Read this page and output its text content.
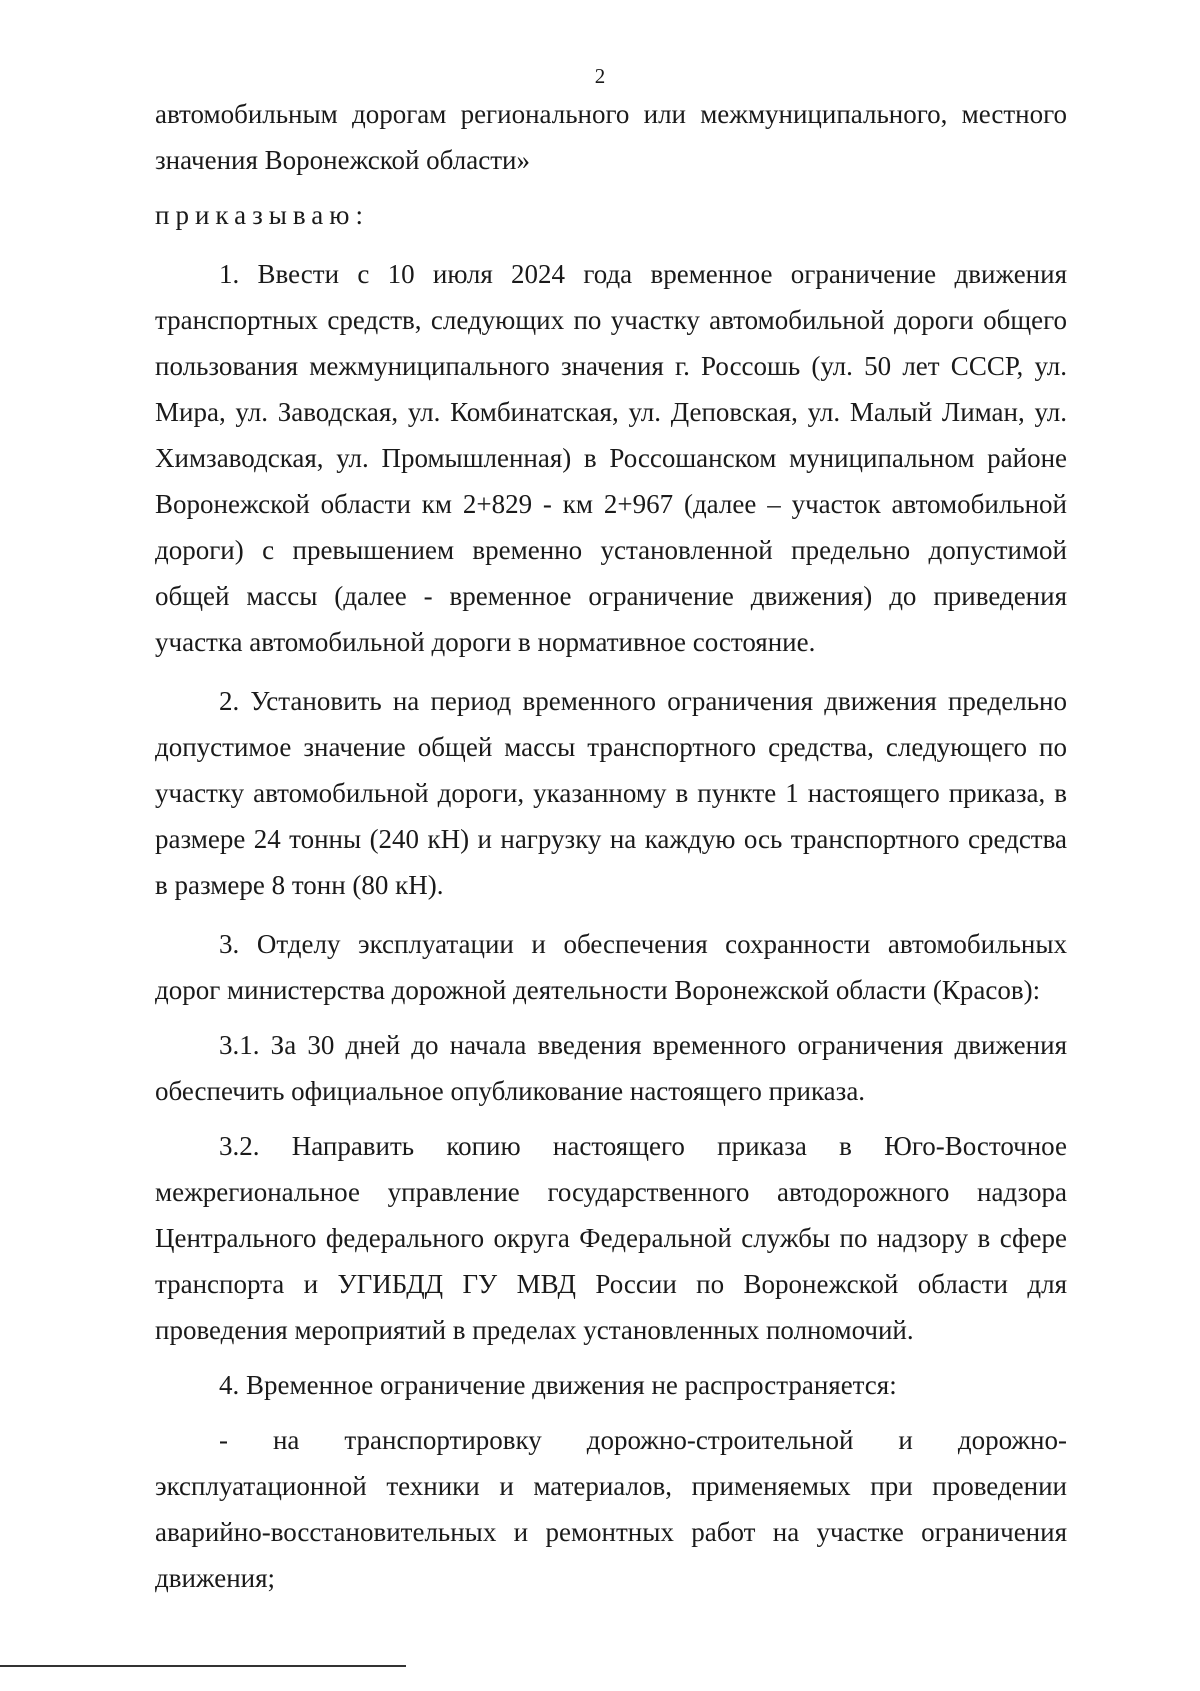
2

автомобильным дорогам регионального или межмуниципального, местного значения Воронежской области»

приказываю:

1. Ввести с 10 июля 2024 года временное ограничение движения транспортных средств, следующих по участку автомобильной дороги общего пользования межмуниципального значения г. Россошь (ул. 50 лет СССР, ул. Мира, ул. Заводская, ул. Комбинатская, ул. Деповская, ул. Малый Лиман, ул. Химзаводская, ул. Промышленная) в Россошанском муниципальном районе Воронежской области км 2+829 - км 2+967 (далее – участок автомобильной дороги) с превышением временно установленной предельно допустимой общей массы (далее - временное ограничение движения) до приведения участка автомобильной дороги в нормативное состояние.

2. Установить на период временного ограничения движения предельно допустимое значение общей массы транспортного средства, следующего по участку автомобильной дороги, указанному в пункте 1 настоящего приказа, в размере 24 тонны (240 кН) и нагрузку на каждую ось транспортного средства в размере 8 тонн (80 кН).

3. Отделу эксплуатации и обеспечения сохранности автомобильных дорог министерства дорожной деятельности Воронежской области (Красов):

3.1. За 30 дней до начала введения временного ограничения движения обеспечить официальное опубликование настоящего приказа.

3.2. Направить копию настоящего приказа в Юго-Восточное межрегиональное управление государственного автодорожного надзора Центрального федерального округа Федеральной службы по надзору в сфере транспорта и УГИБДД ГУ МВД России по Воронежской области для проведения мероприятий в пределах установленных полномочий.

4. Временное ограничение движения не распространяется:

- на транспортировку дорожно-строительной и дорожно-эксплуатационной техники и материалов, применяемых при проведении аварийно-восстановительных и ремонтных работ на участке ограничения движения;
